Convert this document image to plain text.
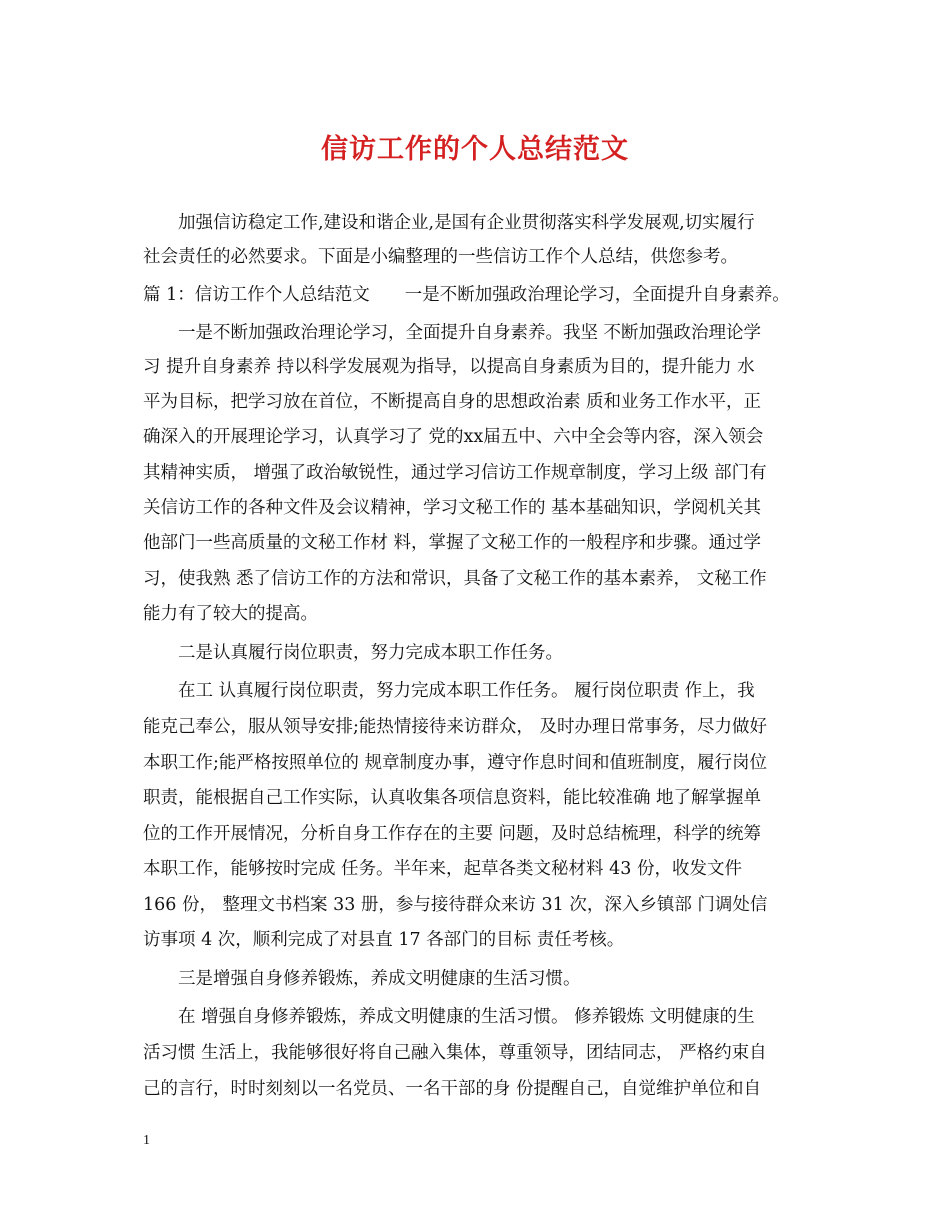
信访工作的个人总结范文
加强信访稳定工作,建设和谐企业,是国有企业贯彻落实科学发展观,切实履行
社会责任的必然要求。下面是小编整理的一些信访工作个人总结，供您参考。
篇 1：信访工作个人总结范文　　一是不断加强政治理论学习，全面提升自身素养。
一是不断加强政治理论学习，全面提升自身素养。我坚 不断加强政治理论学
习 提升自身素养 持以科学发展观为指导，以提高自身素质为目的，提升能力 水
平为目标，把学习放在首位，不断提高自身的思想政治素 质和业务工作水平，正
确深入的开展理论学习，认真学习了 党的xx届五中、六中全会等内容，深入领会
其精神实质， 增强了政治敏锐性，通过学习信访工作规章制度，学习上级 部门有
关信访工作的各种文件及会议精神，学习文秘工作的 基本基础知识，学阅机关其
他部门一些高质量的文秘工作材 料，掌握了文秘工作的一般程序和步骤。通过学
习，使我熟 悉了信访工作的方法和常识，具备了文秘工作的基本素养， 文秘工作
能力有了较大的提高。
二是认真履行岗位职责，努力完成本职工作任务。
在工 认真履行岗位职责，努力完成本职工作任务。 履行岗位职责 作上，我
能克己奉公，服从领导安排;能热情接待来访群众， 及时办理日常事务，尽力做好
本职工作;能严格按照单位的 规章制度办事，遵守作息时间和值班制度，履行岗位
职责，能根据自己工作实际，认真收集各项信息资料，能比较准确 地了解掌握单
位的工作开展情况，分析自身工作存在的主要 问题，及时总结梳理，科学的统筹
本职工作，能够按时完成 任务。半年来，起草各类文秘材料 43 份，收发文件
166 份， 整理文书档案 33 册，参与接待群众来访 31 次，深入乡镇部 门调处信
访事项 4 次，顺利完成了对县直 17 各部门的目标 责任考核。
三是增强自身修养锻炼，养成文明健康的生活习惯。
在 增强自身修养锻炼，养成文明健康的生活习惯。 修养锻炼 文明健康的生
活习惯 生活上，我能够很好将自己融入集体，尊重领导，团结同志， 严格约束自
己的言行，时时刻刻以一名党员、一名干部的身 份提醒自己，自觉维护单位和自
1
